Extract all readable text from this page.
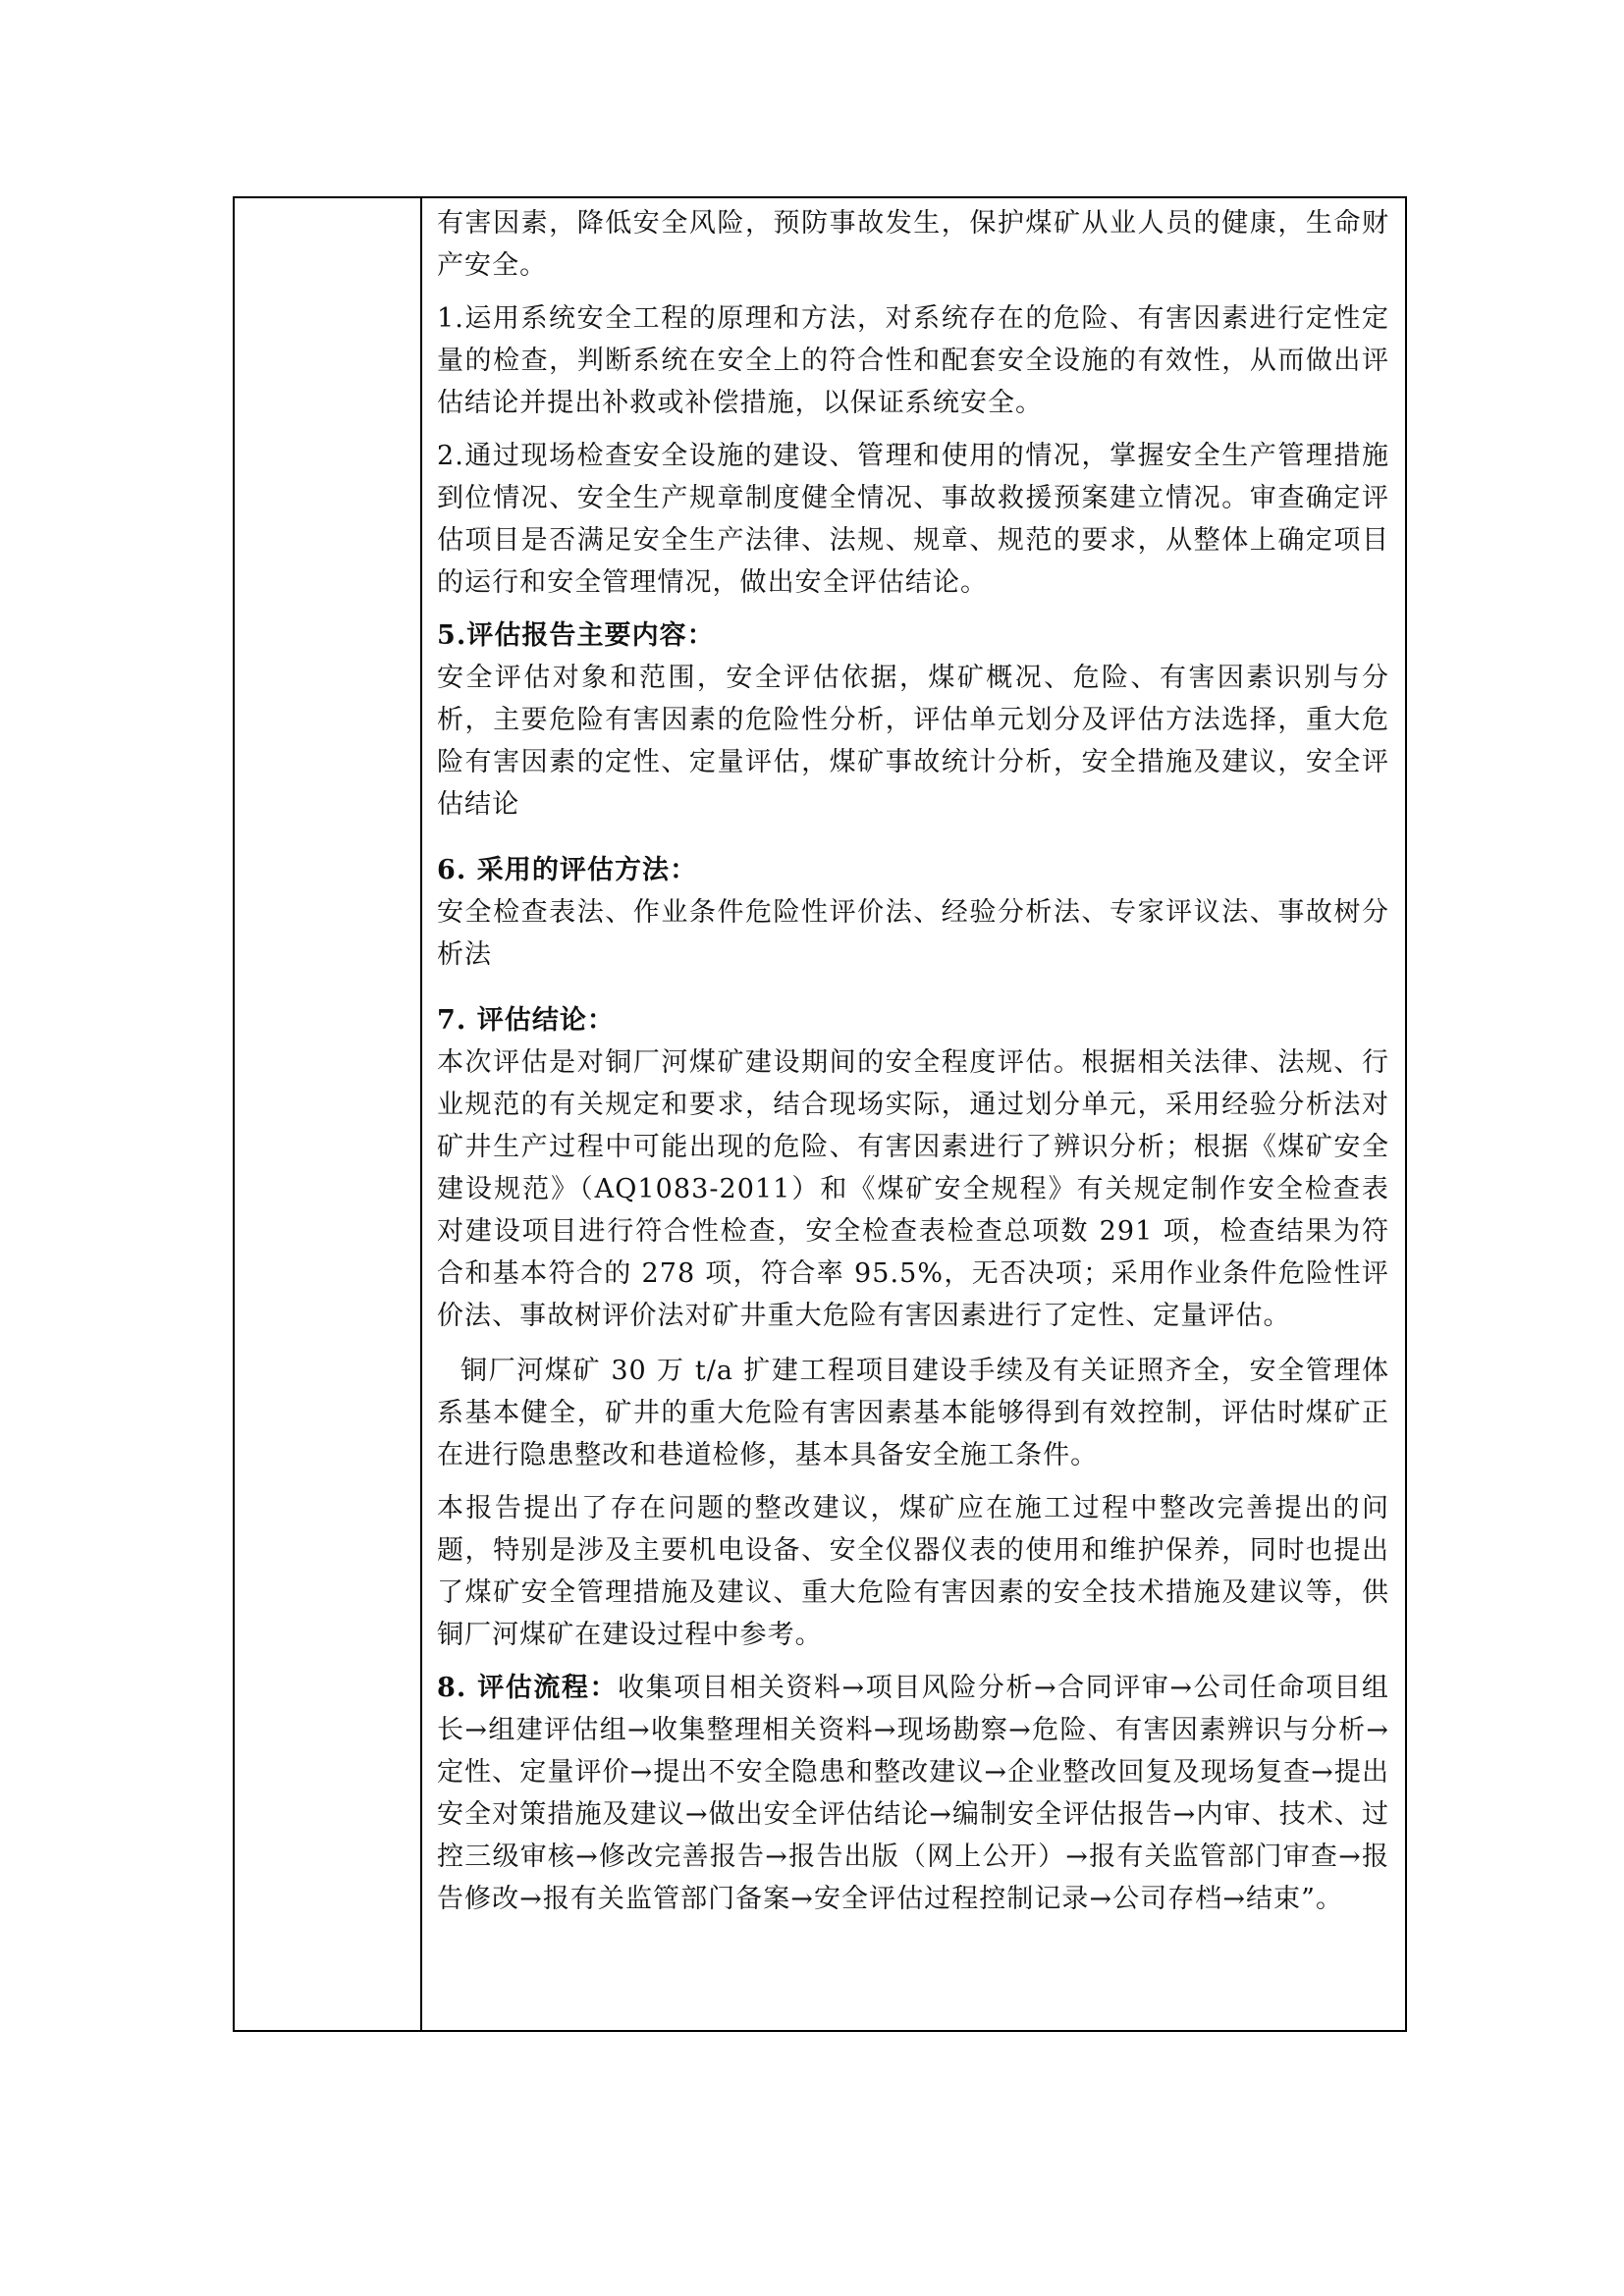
有害因素，降低安全风险，预防事故发生，保护煤矿从业人员的健康，生命财产安全。

1.运用系统安全工程的原理和方法，对系统存在的危险、有害因素进行定性定量的检查，判断系统在安全上的符合性和配套安全设施的有效性，从而做出评估结论并提出补救或补偿措施，以保证系统安全。

2.通过现场检查安全设施的建设、管理和使用的情况，掌握安全生产管理措施到位情况、安全生产规章制度健全情况、事故救援预案建立情况。审查确定评估项目是否满足安全生产法律、法规、规章、规范的要求，从整体上确定项目的运行和安全管理情况，做出安全评估结论。

5.评估报告主要内容：

安全评估对象和范围，安全评估依据，煤矿概况、危险、有害因素识别与分析，主要危险有害因素的危险性分析，评估单元划分及评估方法选择，重大危险有害因素的定性、定量评估，煤矿事故统计分析，安全措施及建议，安全评估结论

6. 采用的评估方法：

安全检查表法、作业条件危险性评价法、经验分析法、专家评议法、事故树分析法

7. 评估结论：

本次评估是对铜厂河煤矿建设期间的安全程度评估。根据相关法律、法规、行业规范的有关规定和要求，结合现场实际，通过划分单元，采用经验分析法对矿井生产过程中可能出现的危险、有害因素进行了辨识分析；根据《煤矿安全建设规范》（AQ1083-2011）和《煤矿安全规程》有关规定制作安全检查表对建设项目进行符合性检查，安全检查表检查总项数 291 项，检查结果为符合和基本符合的 278 项，符合率 95.5%，无否决项；采用作业条件危险性评价法、事故树评价法对矿井重大危险有害因素进行了定性、定量评估。

铜厂河煤矿 30 万 t/a 扩建工程项目建设手续及有关证照齐全，安全管理体系基本健全，矿井的重大危险有害因素基本能够得到有效控制，评估时煤矿正在进行隐患整改和巷道检修，基本具备安全施工条件。

本报告提出了存在问题的整改建议，煤矿应在施工过程中整改完善提出的问题，特别是涉及主要机电设备、安全仪器仪表的使用和维护保养，同时也提出了煤矿安全管理措施及建议、重大危险有害因素的安全技术措施及建议等，供铜厂河煤矿在建设过程中参考。

8. 评估流程：收集项目相关资料→项目风险分析→合同评审→公司任命项目组长→组建评估组→收集整理相关资料→现场勘察→危险、有害因素辨识与分析→定性、定量评价→提出不安全隐患和整改建议→企业整改回复及现场复查→提出安全对策措施及建议→做出安全评估结论→编制安全评估报告→内审、技术、过控三级审核→修改完善报告→报告出版（网上公开）→报有关监管部门审查→报告修改→报有关监管部门备案→安全评估过程控制记录→公司存档→结束”。
